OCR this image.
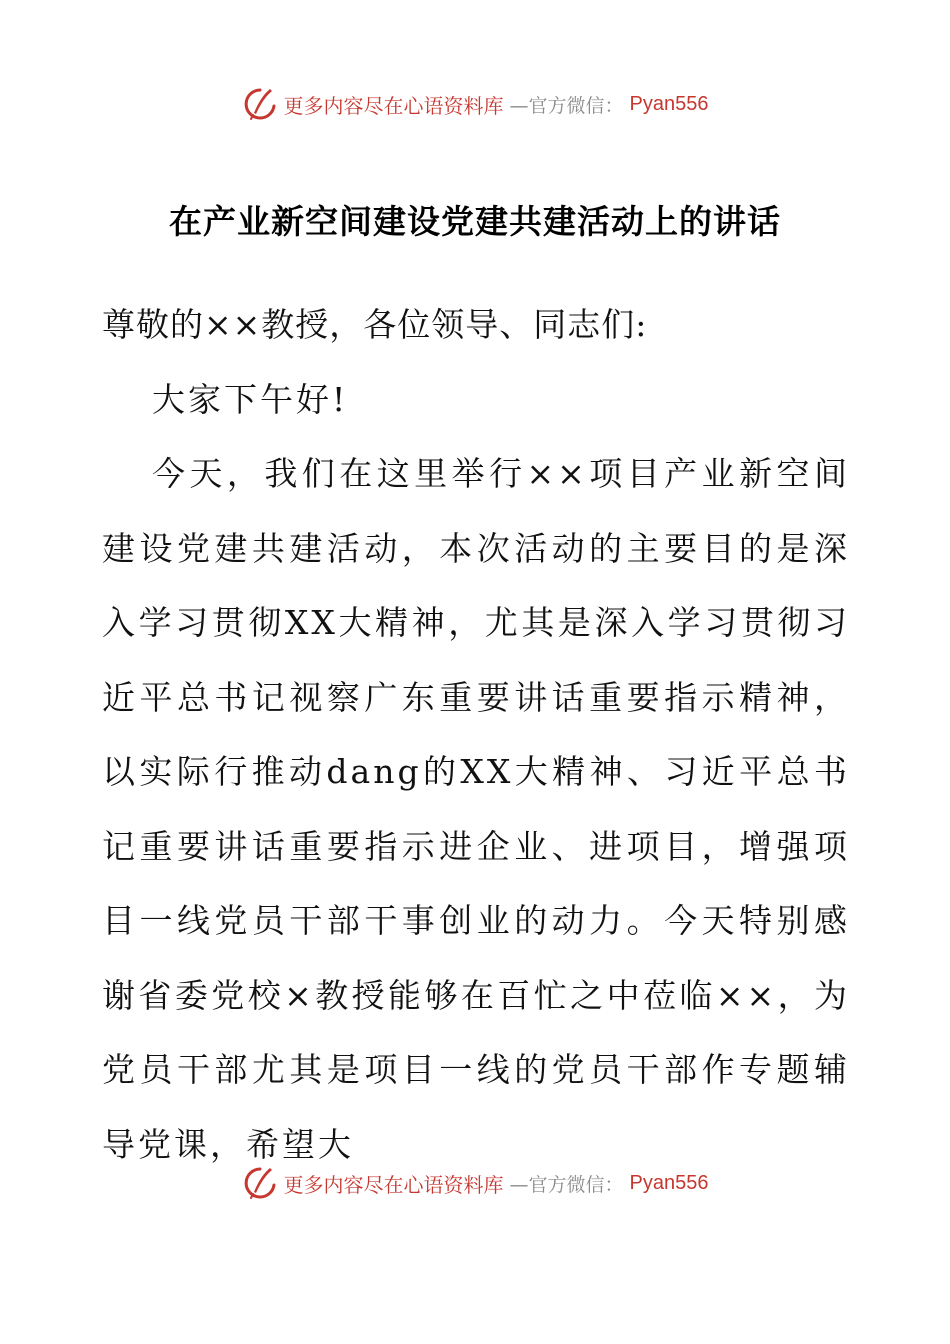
更多内容尽在心语资料库 —官方微信： Pyan556
在产业新空间建设党建共建活动上的讲话

尊敬的××教授，各位领导、同志们:

大家下午好!

今天，我们在这里举行××项目产业新空间建设党建共建活动，本次活动的主要目的是深入学习贯彻XX大精神，尤其是深入学习贯彻习近平总书记视察广东重要讲话重要指示精神，以实际行推动dang的XX大精神、习近平总书记重要讲话重要指示进企业、进项目，增强项目一线党员干部干事创业的动力。今天特别感谢省委党校×教授能够在百忙之中莅临××，为党员干部尤其是项目一线的党员干部作专题辅导党课，希望大

更多内容尽在心语资料库 —官方微信： Pyan556
